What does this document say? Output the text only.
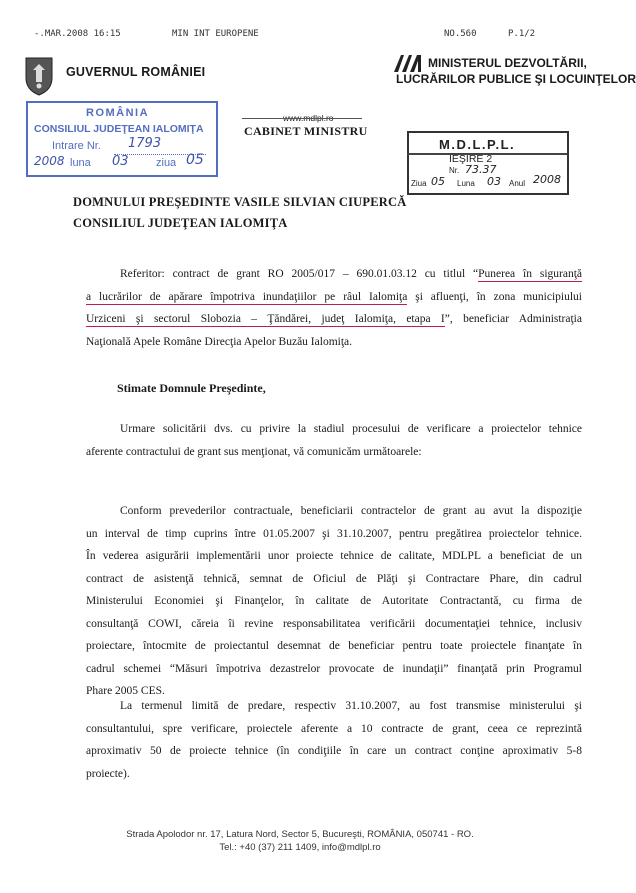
-.MAR.2008 16:15	MIN INT EUROPENE	NO.560	P.1/2
GUVERNUL ROMÂNIEI
MINISTERUL DEZVOLTĂRII,
LUCRĂRILOR PUBLICE ŞI LOCUINŢELOR
www.mdlpl.ro
CABINET MINISTRU
ROMÂNIA
CONSILIUL JUDEŢEAN IALOMIŢA
Intrare Nr. 1793
2008 luna 03 ziua 05
M.D.L.P.L.
IEŞIRE 2
Nr. 73.37
Ziua 05 Luna 03 Anul 2008
DOMNULUI PREŞEDINTE VASILE SILVIAN CIUPERCĂ
CONSILIUL JUDEŢEAN IALOMIŢA
Referitor: contract de grant RO 2005/017 – 690.01.03.12 cu titlul “Punerea în siguranţă
a lucrărilor de apărare împotriva inundaţiilor pe râul Ialomiţa şi afluenţi, în zona municipiului
Urziceni şi sectorul Slobozia – Ţăndărei, judeţ Ialomiţa, etapa I”, beneficiar Administraţia
Naţională Apele Române Direcţia Apelor Buzău Ialomiţa.
Stimate Domnule Preşedinte,
Urmare solicitării dvs. cu privire la stadiul procesului de verificare a proiectelor tehnice
aferente contractului de grant sus menţionat, vă comunicăm următoarele:
Conform prevederilor contractuale, beneficiarii contractelor de grant au avut la dispoziţie
un interval de timp cuprins între 01.05.2007 şi 31.10.2007, pentru pregătirea proiectelor tehnice.
În vederea asigurării implementării unor proiecte tehnice de calitate, MDLPL a beneficiat de un
contract de asistenţă tehnică, semnat de Oficiul de Plăţi şi Contractare Phare, din cadrul
Ministerului Economiei şi Finanţelor, în calitate de Autoritate Contractantă, cu firma de
consultanţă COWI, căreia îi revine responsabilitatea verificării documentaţiei tehnice, inclusiv
proiectare, întocmite de proiectantul desemnat de beneficiar pentru toate proiectele finanţate în
cadrul schemei “Măsuri împotriva dezastrelor provocate de inundaţii” finanţată prin Programul
Phare 2005 CES.
La termenul limită de predare, respectiv 31.10.2007, au fost transmise ministerului şi
consultantului, spre verificare, proiectele aferente a 10 contracte de grant, ceea ce reprezintă
aproximativ 50 de proiecte tehnice (în condiţiile în care un contract conţine aproximativ 5-8
proiecte).
Strada Apolodor nr. 17, Latura Nord, Sector 5, Bucureşti, ROMÂNIA, 050741 - RO.
Tel.: +40 (37) 211 1409, info@mdlpl.ro
